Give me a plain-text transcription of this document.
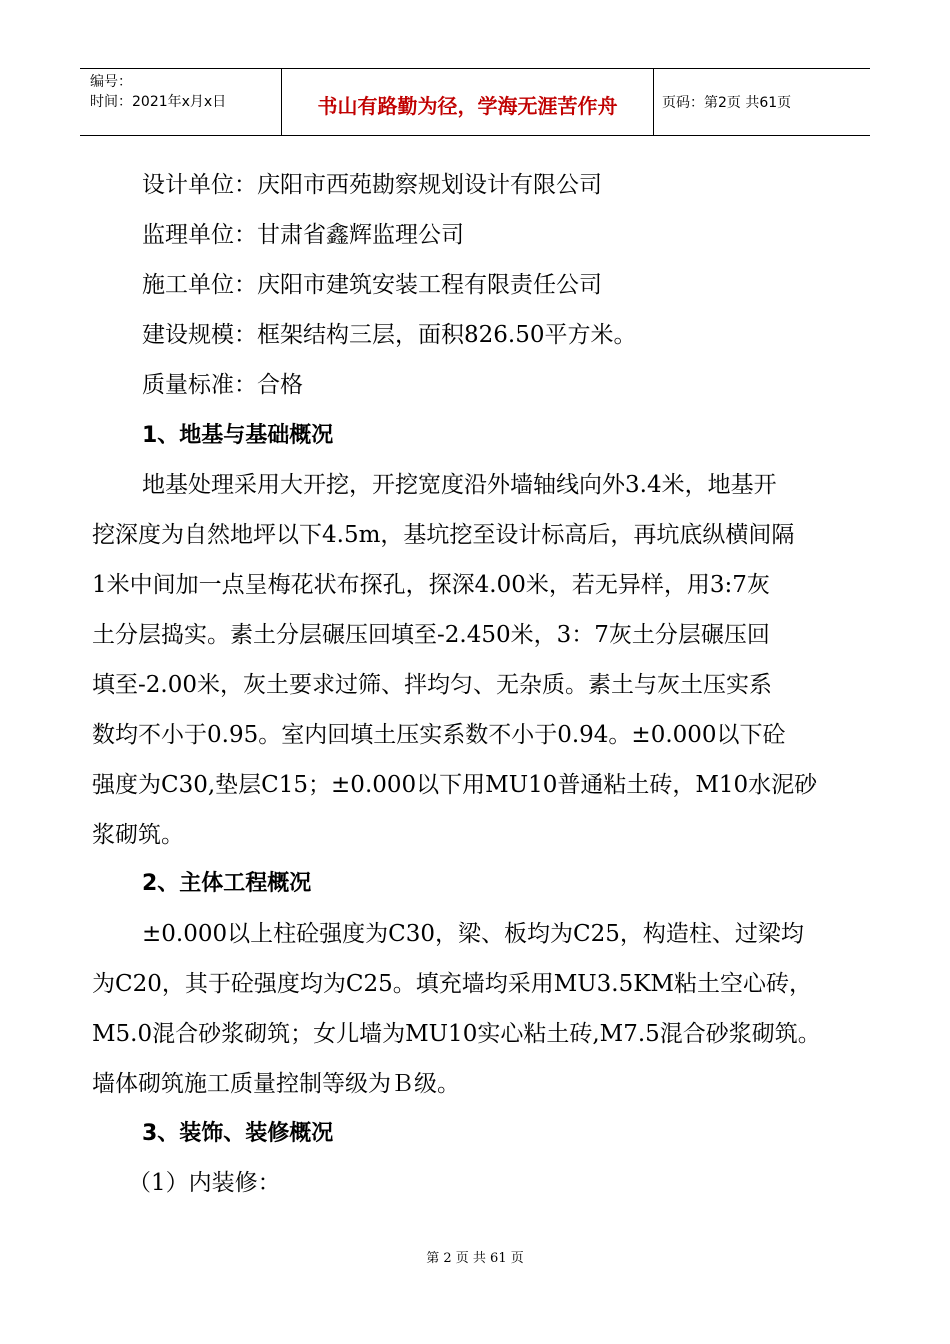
编号：
时间：2021年x月x日	书山有路勤为径，学海无涯苦作舟	页码：第2页 共61页
设计单位：庆阳市西苑勘察规划设计有限公司
监理单位：甘肃省鑫辉监理公司
施工单位：庆阳市建筑安装工程有限责任公司
建设规模：框架结构三层，面积826.50平方米。
质量标准：合格
1、地基与基础概况
地基处理采用大开挖，开挖宽度沿外墙轴线向外3.4米，地基开
挖深度为自然地坪以下4.5m，基坑挖至设计标高后，再坑底纵横间隔
1米中间加一点呈梅花状布探孔，探深4.00米，若无异样，用3:7灰
土分层捣实。素土分层碾压回填至-2.450米，3：7灰土分层碾压回
填至-2.00米，灰土要求过筛、拌均匀、无杂质。素土与灰土压实系
数均不小于0.95。室内回填土压实系数不小于0.94。±0.000以下砼
强度为C30,垫层C15；±0.000以下用MU10普通粘土砖，M10水泥砂
浆砌筑。
2、主体工程概况
±0.000以上柱砼强度为C30，梁、板均为C25，构造柱、过梁均
为C20，其于砼强度均为C25。填充墙均采用MU3.5KM粘土空心砖，
M5.0混合砂浆砌筑；女儿墙为MU10实心粘土砖,M7.5混合砂浆砌筑。
墙体砌筑施工质量控制等级为Ｂ级。
3、装饰、装修概况
（1）内装修：
第 2 页 共 61 页
